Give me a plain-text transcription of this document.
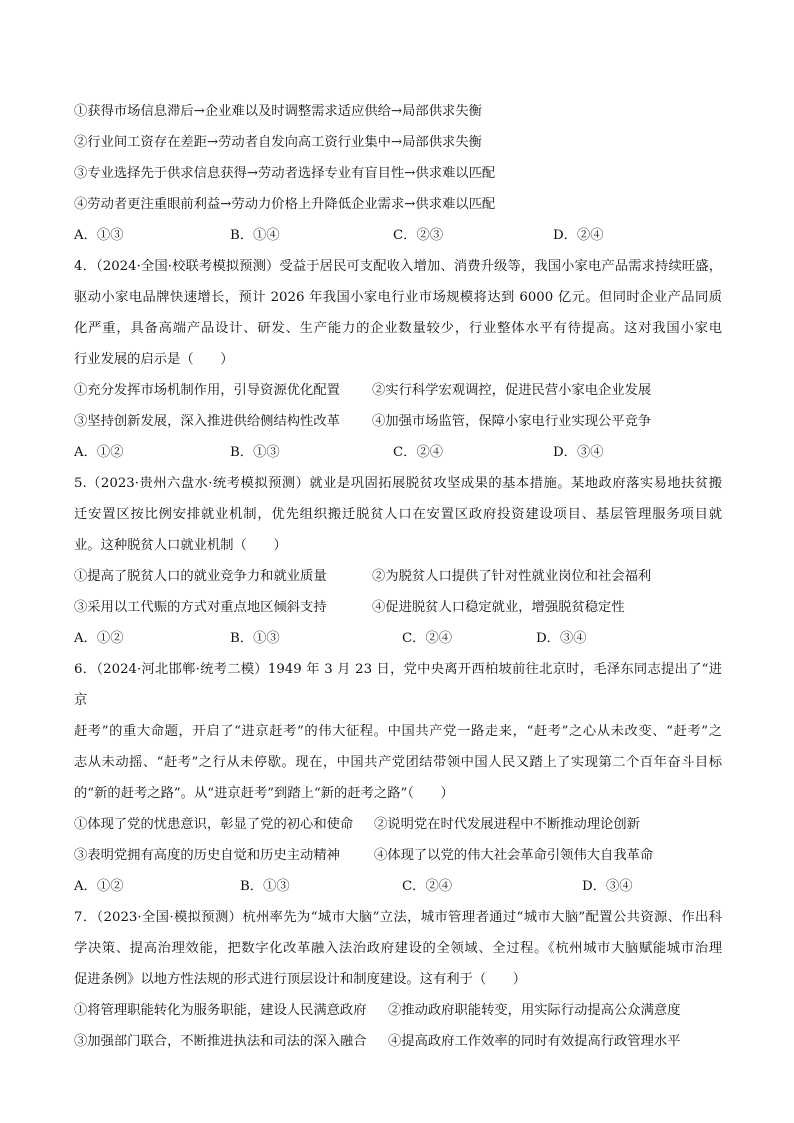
①获得市场信息滞后→企业难以及时调整需求适应供给→局部供求失衡
②行业间工资存在差距→劳动者自发向高工资行业集中→局部供求失衡
③专业选择先于供求信息获得→劳动者选择专业有盲目性→供求难以匹配
④劳动者更注重眼前利益→劳动力价格上升降低企业需求→供求难以匹配
A．①③	B．①④	C．②③	D．②④
4．（2024·全国·校联考模拟预测）受益于居民可支配收入增加、消费升级等，我国小家电产品需求持续旺盛，
驱动小家电品牌快速增长，预计 2026 年我国小家电行业市场规模将达到 6000 亿元。但同时企业产品同质
化严重，具备高端产品设计、研发、生产能力的企业数量较少，行业整体水平有待提高。这对我国小家电
行业发展的启示是（　　）
①充分发挥市场机制作用，引导资源优化配置	②实行科学宏观调控，促进民营小家电企业发展
③坚持创新发展，深入推进供给侧结构性改革	④加强市场监管，保障小家电行业实现公平竞争
A．①②	B．①③	C．②④	D．③④
5.（2023·贵州六盘水·统考模拟预测）就业是巩固拓展脱贫攻坚成果的基本措施。某地政府落实易地扶贫搬
迁安置区按比例安排就业机制，优先组织搬迁脱贫人口在安置区政府投资建设项目、基层管理服务项目就
业。这种脱贫人口就业机制（　　）
①提高了脱贫人口的就业竞争力和就业质量	②为脱贫人口提供了针对性就业岗位和社会福利
③采用以工代赈的方式对重点地区倾斜支持	④促进脱贫人口稳定就业，增强脱贫稳定性
A．①②	B．①③	C．②④	D．③④
6．（2024·河北邯郸·统考二模）1949 年 3 月 23 日，党中央离开西柏坡前往北京时，毛泽东同志提出了“进京
赶考”的重大命题，开启了“进京赶考”的伟大征程。中国共产党一路走来，“赶考”之心从未改变、“赶考”之
志从未动摇、“赶考”之行从未停歇。现在，中国共产党团结带领中国人民又踏上了实现第二个百年奋斗目标
的“新的赶考之路”。从“进京赶考”到踏上“新的赶考之路”（　　）
①体现了党的忧患意识，彰显了党的初心和使命	②说明党在时代发展进程中不断推动理论创新
③表明党拥有高度的历史自觉和历史主动精神	④体现了以党的伟大社会革命引领伟大自我革命
A．①②	B．①③	C．②④	D．③④
7．（2023·全国·模拟预测）杭州率先为“城市大脑”立法，城市管理者通过“城市大脑”配置公共资源、作出科
学决策、提高治理效能，把数字化改革融入法治政府建设的全领域、全过程。《杭州城市大脑赋能城市治理
促进条例》以地方性法规的形式进行顶层设计和制度建设。这有利于（　　）
①将管理职能转化为服务职能，建设人民满意政府	②推动政府职能转变，用实际行动提高公众满意度
③加强部门联合，不断推进执法和司法的深入融合	④提高政府工作效率的同时有效提高行政管理水平
